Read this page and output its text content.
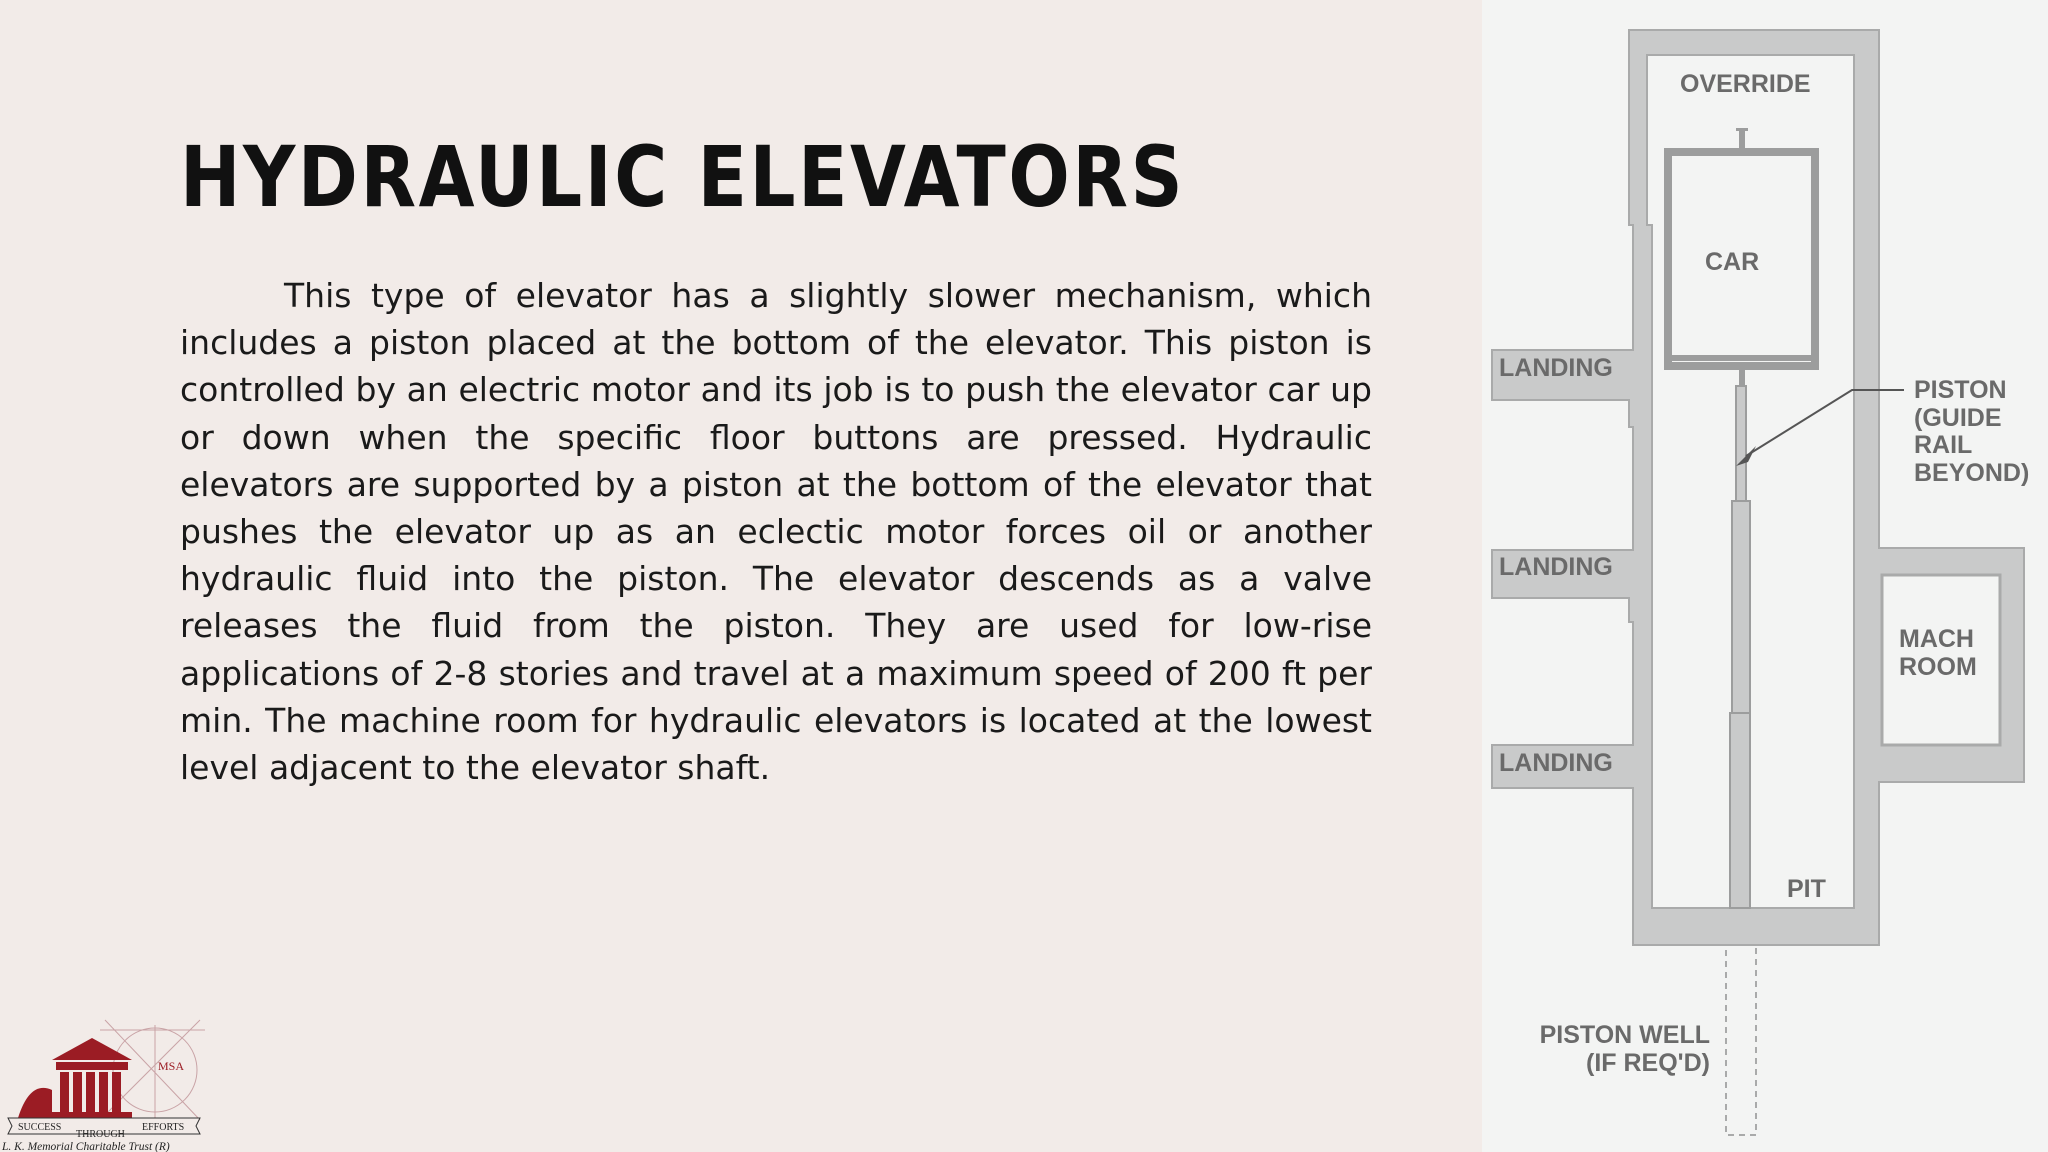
HYDRAULIC ELEVATORS

This type of elevator has a slightly slower mechanism, which includes a piston placed at the bottom of the elevator. This piston is controlled by an electric motor and its job is to push the elevator car up or down when the specific floor buttons are pressed. Hydraulic elevators are supported by a piston at the bottom of the elevator that pushes the elevator up as an eclectic motor forces oil or another hydraulic fluid into the piston. The elevator descends as a valve releases the fluid from the piston. They are used for low-rise applications of 2-8 stories and travel at a maximum speed of 200 ft per min. The machine room for hydraulic elevators is located at the lowest level adjacent to the elevator shaft.

OVERRIDE
CAR
LANDING
LANDING
LANDING
PISTON
(GUIDE
RAIL
BEYOND)
MACH
ROOM
PIT
PISTON WELL
(IF REQ'D)
MSA
SUCCESS
THROUGH
EFFORTS
L. K. Memorial Charitable Trust (R)
